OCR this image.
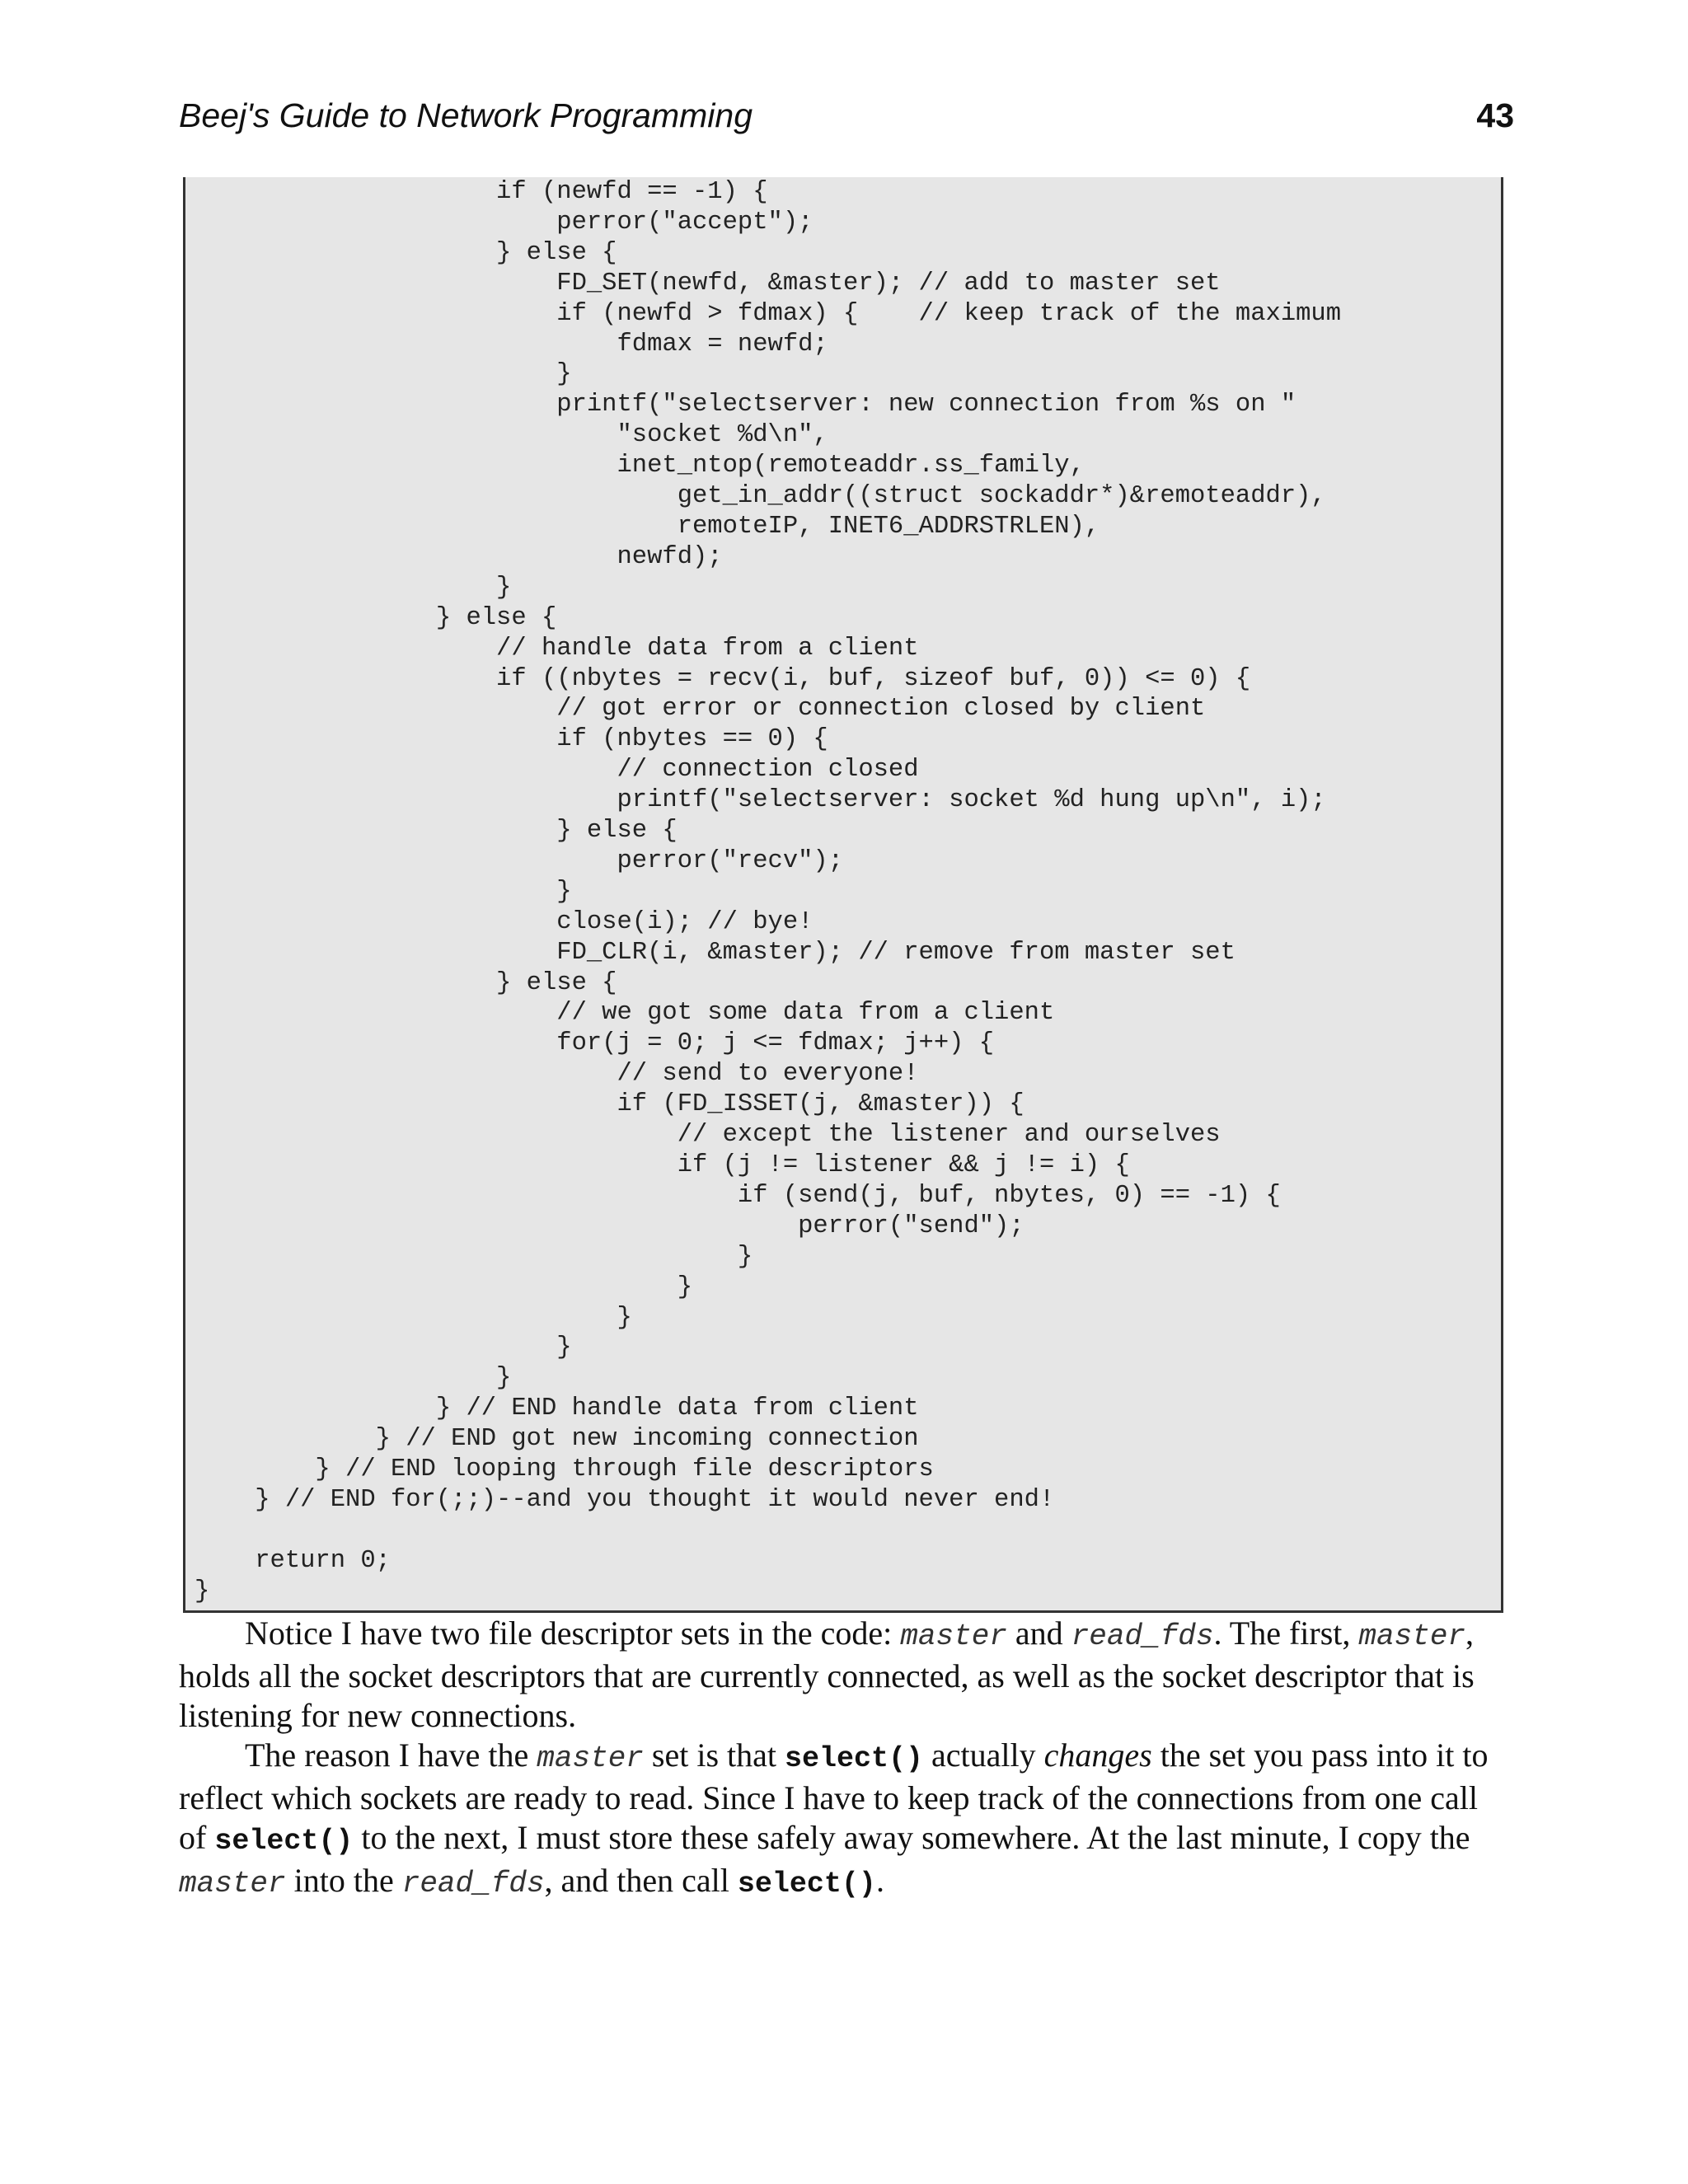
Beej's Guide to Network Programming	43
if (newfd == -1) {
perror("accept");
} else {
FD_SET(newfd, &master); // add to master set
if (newfd > fdmax) {    // keep track of the maximum
fdmax = newfd;
}
printf("selectserver: new connection from %s on "
"socket %d\n",
inet_ntop(remoteaddr.ss_family,
get_in_addr((struct sockaddr*)&remoteaddr),
remoteIP, INET6_ADDRSTRLEN),
newfd);
}
} else {
// handle data from a client
if ((nbytes = recv(i, buf, sizeof buf, 0)) <= 0) {
// got error or connection closed by client
if (nbytes == 0) {
// connection closed
printf("selectserver: socket %d hung up\n", i);
} else {
perror("recv");
}
close(i); // bye!
FD_CLR(i, &master); // remove from master set
} else {
// we got some data from a client
for(j = 0; j <= fdmax; j++) {
// send to everyone!
if (FD_ISSET(j, &master)) {
// except the listener and ourselves
if (j != listener && j != i) {
if (send(j, buf, nbytes, 0) == -1) {
perror("send");
}
}
}
}
}
} // END handle data from client
} // END got new incoming connection
} // END looping through file descriptors
} // END for(;;)--and you thought it would never end!

return 0;
}

Notice I have two file descriptor sets in the code: master and read_fds. The first, master, holds all the socket descriptors that are currently connected, as well as the socket descriptor that is listening for new connections.

The reason I have the master set is that select() actually changes the set you pass into it to reflect which sockets are ready to read. Since I have to keep track of the connections from one call of select() to the next, I must store these safely away somewhere. At the last minute, I copy the master into the read_fds, and then call select().
